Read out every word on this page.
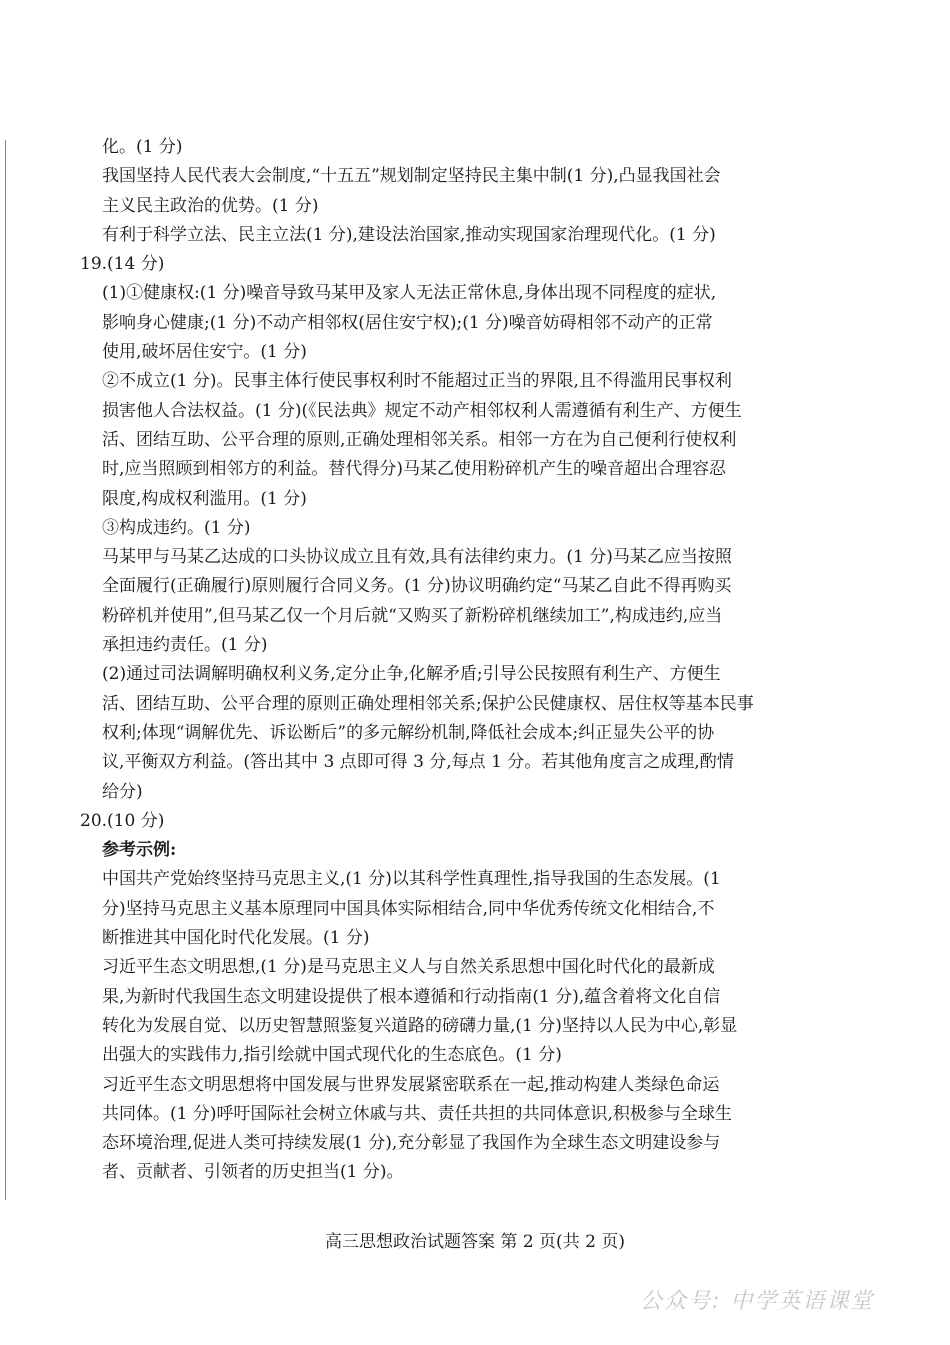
化。(1 分)
我国坚持人民代表大会制度,“十五五”规划制定坚持民主集中制(1 分),凸显我国社会
主义民主政治的优势。(1 分)
有利于科学立法、民主立法(1 分),建设法治国家,推动实现国家治理现代化。(1 分)
19.(14 分)
(1)①健康权:(1 分)噪音导致马某甲及家人无法正常休息,身体出现不同程度的症状,
影响身心健康;(1 分)不动产相邻权(居住安宁权);(1 分)噪音妨碍相邻不动产的正常
使用,破坏居住安宁。(1 分)
②不成立(1 分)。民事主体行使民事权利时不能超过正当的界限,且不得滥用民事权利
损害他人合法权益。(1 分)(《民法典》规定不动产相邻权利人需遵循有利生产、方便生
活、团结互助、公平合理的原则,正确处理相邻关系。相邻一方在为自己便利行使权利
时,应当照顾到相邻方的利益。替代得分)马某乙使用粉碎机产生的噪音超出合理容忍
限度,构成权利滥用。(1 分)
③构成违约。(1 分)
马某甲与马某乙达成的口头协议成立且有效,具有法律约束力。(1 分)马某乙应当按照
全面履行(正确履行)原则履行合同义务。(1 分)协议明确约定“马某乙自此不得再购买
粉碎机并使用”,但马某乙仅一个月后就“又购买了新粉碎机继续加工”,构成违约,应当
承担违约责任。(1 分)
(2)通过司法调解明确权利义务,定分止争,化解矛盾;引导公民按照有利生产、方便生
活、团结互助、公平合理的原则正确处理相邻关系;保护公民健康权、居住权等基本民事
权利;体现“调解优先、诉讼断后”的多元解纷机制,降低社会成本;纠正显失公平的协
议,平衡双方利益。(答出其中 3 点即可得 3 分,每点 1 分。若其他角度言之成理,酌情
给分)
20.(10 分)
参考示例:
中国共产党始终坚持马克思主义,(1 分)以其科学性真理性,指导我国的生态发展。(1
分)坚持马克思主义基本原理同中国具体实际相结合,同中华优秀传统文化相结合,不
断推进其中国化时代化发展。(1 分)
习近平生态文明思想,(1 分)是马克思主义人与自然关系思想中国化时代化的最新成
果,为新时代我国生态文明建设提供了根本遵循和行动指南(1 分),蕴含着将文化自信
转化为发展自觉、以历史智慧照鉴复兴道路的磅礴力量,(1 分)坚持以人民为中心,彰显
出强大的实践伟力,指引绘就中国式现代化的生态底色。(1 分)
习近平生态文明思想将中国发展与世界发展紧密联系在一起,推动构建人类绿色命运
共同体。(1 分)呼吁国际社会树立休戚与共、责任共担的共同体意识,积极参与全球生
态环境治理,促进人类可持续发展(1 分),充分彰显了我国作为全球生态文明建设参与
者、贡献者、引领者的历史担当(1 分)。
高三思想政治试题答案 第 2 页(共 2 页)
公众号: 中学英语课堂
